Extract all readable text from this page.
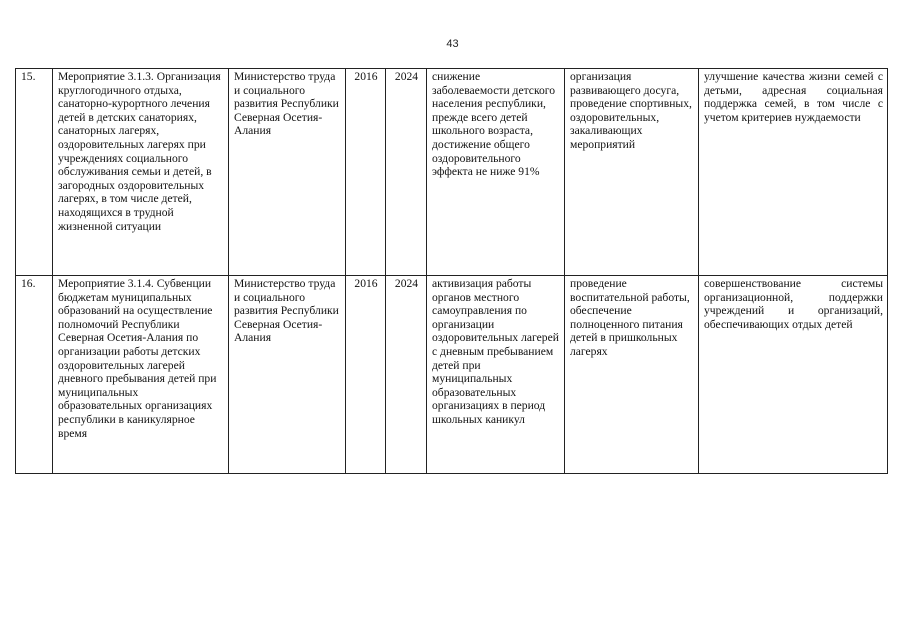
43
15.	Мероприятие 3.1.3. Организация круглогодичного отдыха, санаторно-курортного лечения детей в детских санаториях, санаторных лагерях, оздоровительных лагерях при учреждениях социального обслуживания семьи и детей, в загородных оздоровительных лагерях, в том числе детей, находящихся в трудной жизненной ситуации	Министерство труда и социального развития Республики Северная Осетия-Алания	2016	2024	снижение заболеваемости детского населения республики, прежде всего детей школьного возраста, достижение общего оздоровительного эффекта не ниже 91%	организация развивающего досуга, проведение спортивных, оздоровительных, закаливающих мероприятий	улучшение качества жизни семей с детьми, адресная социальная поддержка семей, в том числе с учетом критериев нуждаемости
16.	Мероприятие 3.1.4. Субвенции бюджетам муниципальных образований на осуществление полномочий Республики Северная Осетия-Алания по организации работы детских оздоровительных лагерей дневного пребывания детей при муниципальных образовательных организациях республики в каникулярное время	Министерство труда и социального развития Республики Северная Осетия-Алания	2016	2024	активизация работы органов местного самоуправления по организации оздоровительных лагерей с дневным пребыванием детей при муниципальных образовательных организациях в период школьных каникул	проведение воспитательной работы, обеспечение полноценного питания детей в пришкольных лагерях	совершенствование системы организационной, поддержки учреждений и организаций, обеспечивающих отдых детей
